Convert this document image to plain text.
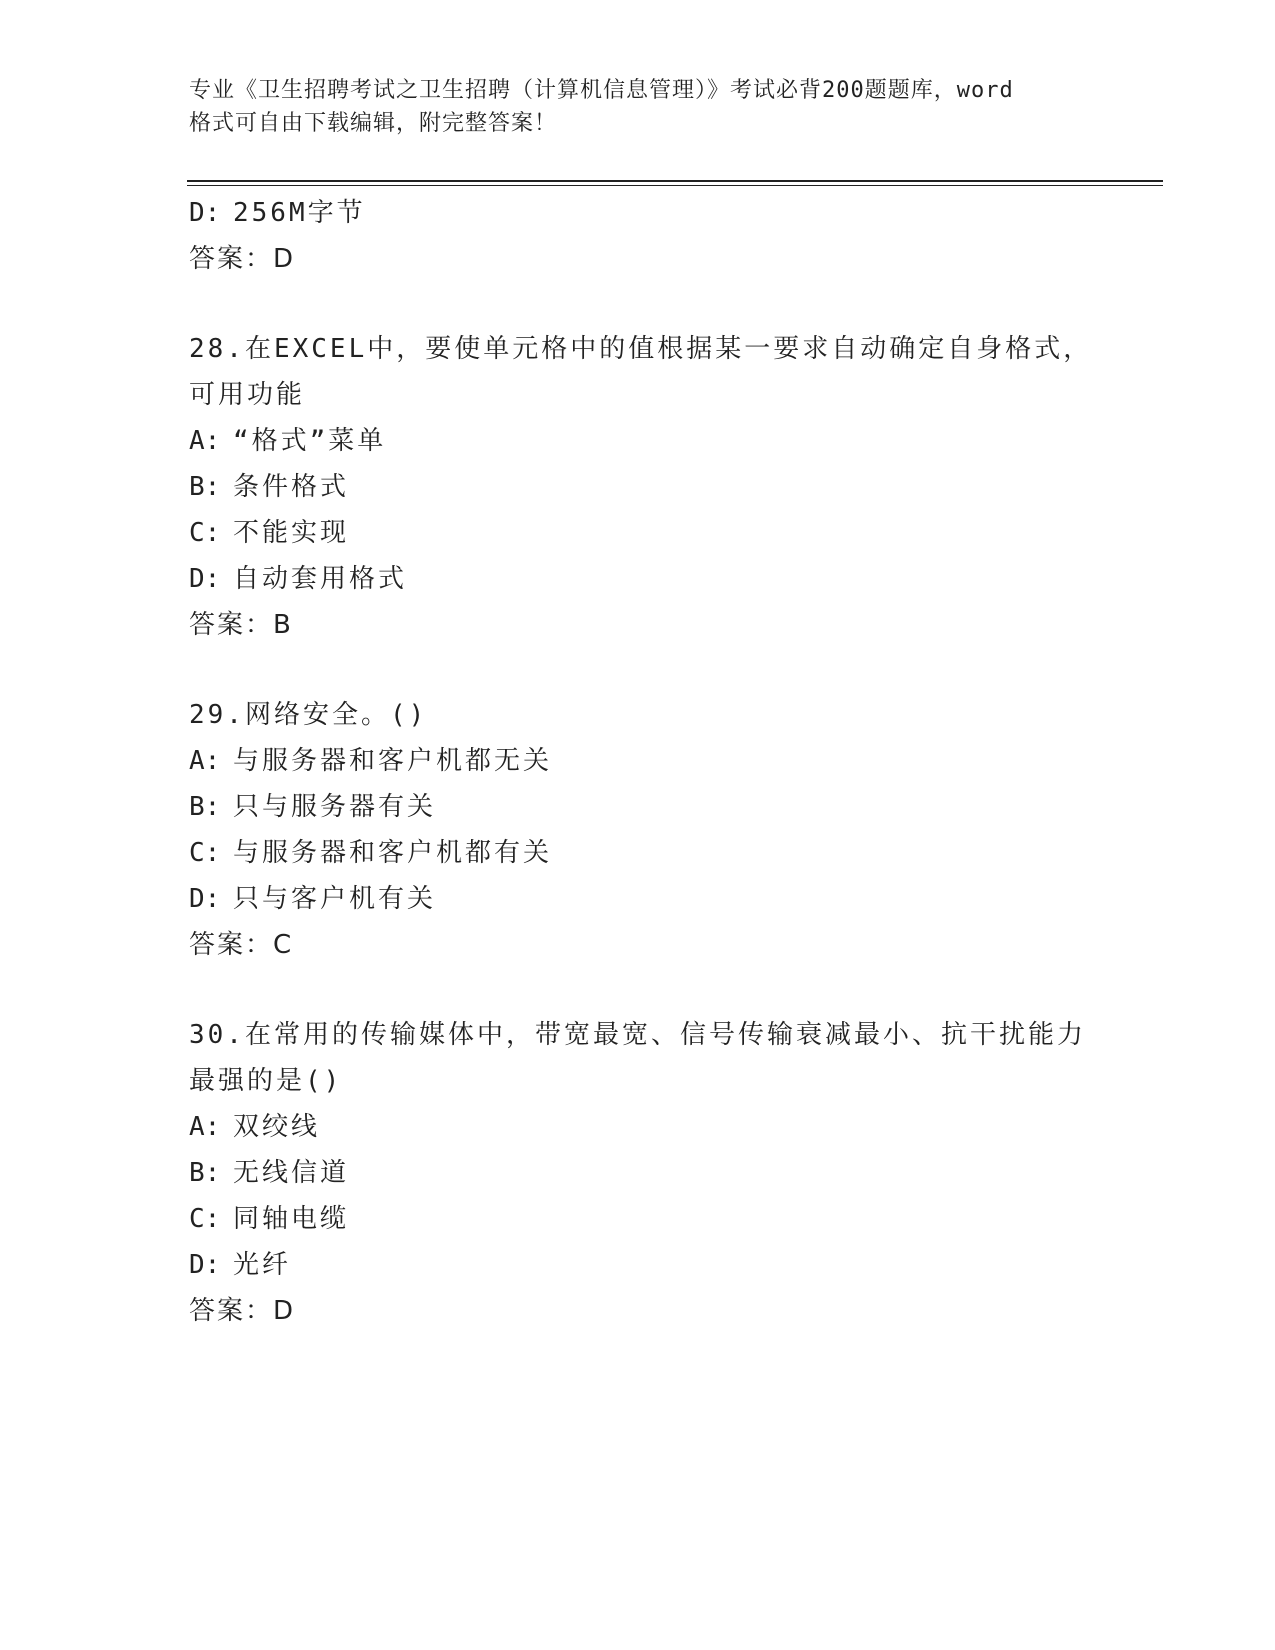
专业《卫生招聘考试之卫生招聘（计算机信息管理）》考试必背200题题库，word
格式可自由下载编辑，附完整答案！
D: 256M字节
答案：D
28.在EXCEL中，要使单元格中的值根据某一要求自动确定自身格式，
可用功能
A: “格式”菜单
B: 条件格式
C: 不能实现
D: 自动套用格式
答案：B
29.网络安全。()
A: 与服务器和客户机都无关
B: 只与服务器有关
C: 与服务器和客户机都有关
D: 只与客户机有关
答案：C
30.在常用的传输媒体中，带宽最宽、信号传输衰减最小、抗干扰能力
最强的是()
A: 双绞线
B: 无线信道
C: 同轴电缆
D: 光纤
答案：D
